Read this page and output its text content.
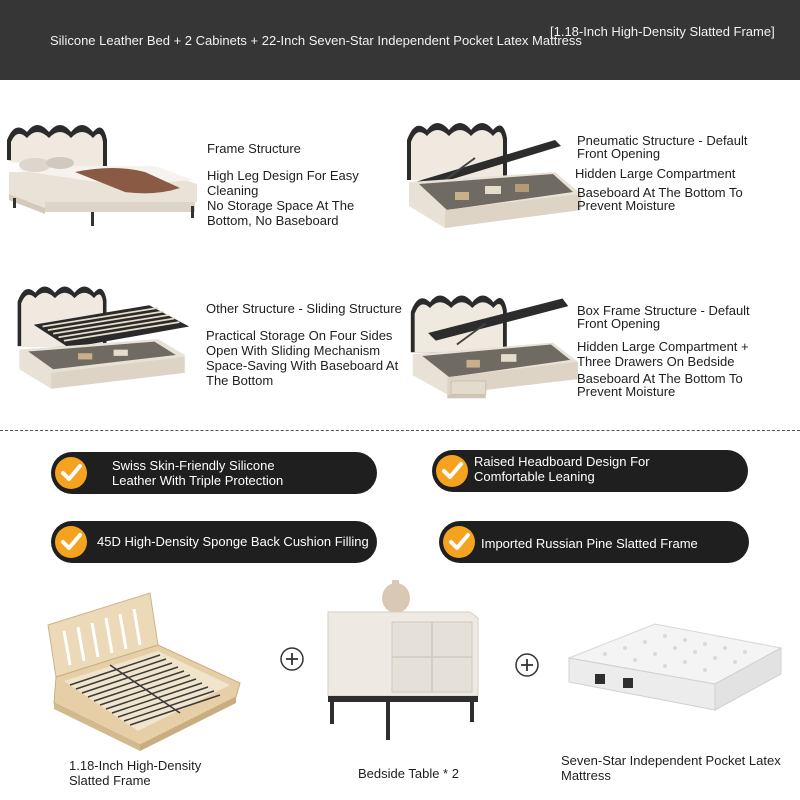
Silicone Leather Bed + 2 Cabinets + 22-Inch Seven-Star Independent Pocket Latex Mattress
[1.18-Inch High-Density Slatted Frame]

Frame Structure

High Leg Design For Easy Cleaning

No Storage Space At The Bottom, No Baseboard

Pneumatic Structure - Default Front Opening

Hidden Large Compartment

Baseboard At The Bottom To Prevent Moisture

Other Structure - Sliding Structure

Practical Storage On Four Sides Open With Sliding Mechanism

Space-Saving With Baseboard At The Bottom

Box Frame Structure - Default Front Opening

Hidden Large Compartment + Three Drawers On Bedside

Baseboard At The Bottom To Prevent Moisture

Swiss Skin-Friendly Silicone Leather With Triple Protection
Raised Headboard Design For Comfortable Leaning
45D High-Density Sponge Back Cushion Filling	Imported Russian Pine Slatted Frame
1.18-Inch High-Density Slatted Frame	Bedside Table * 2
Seven-Star Independent Pocket Latex Mattress
